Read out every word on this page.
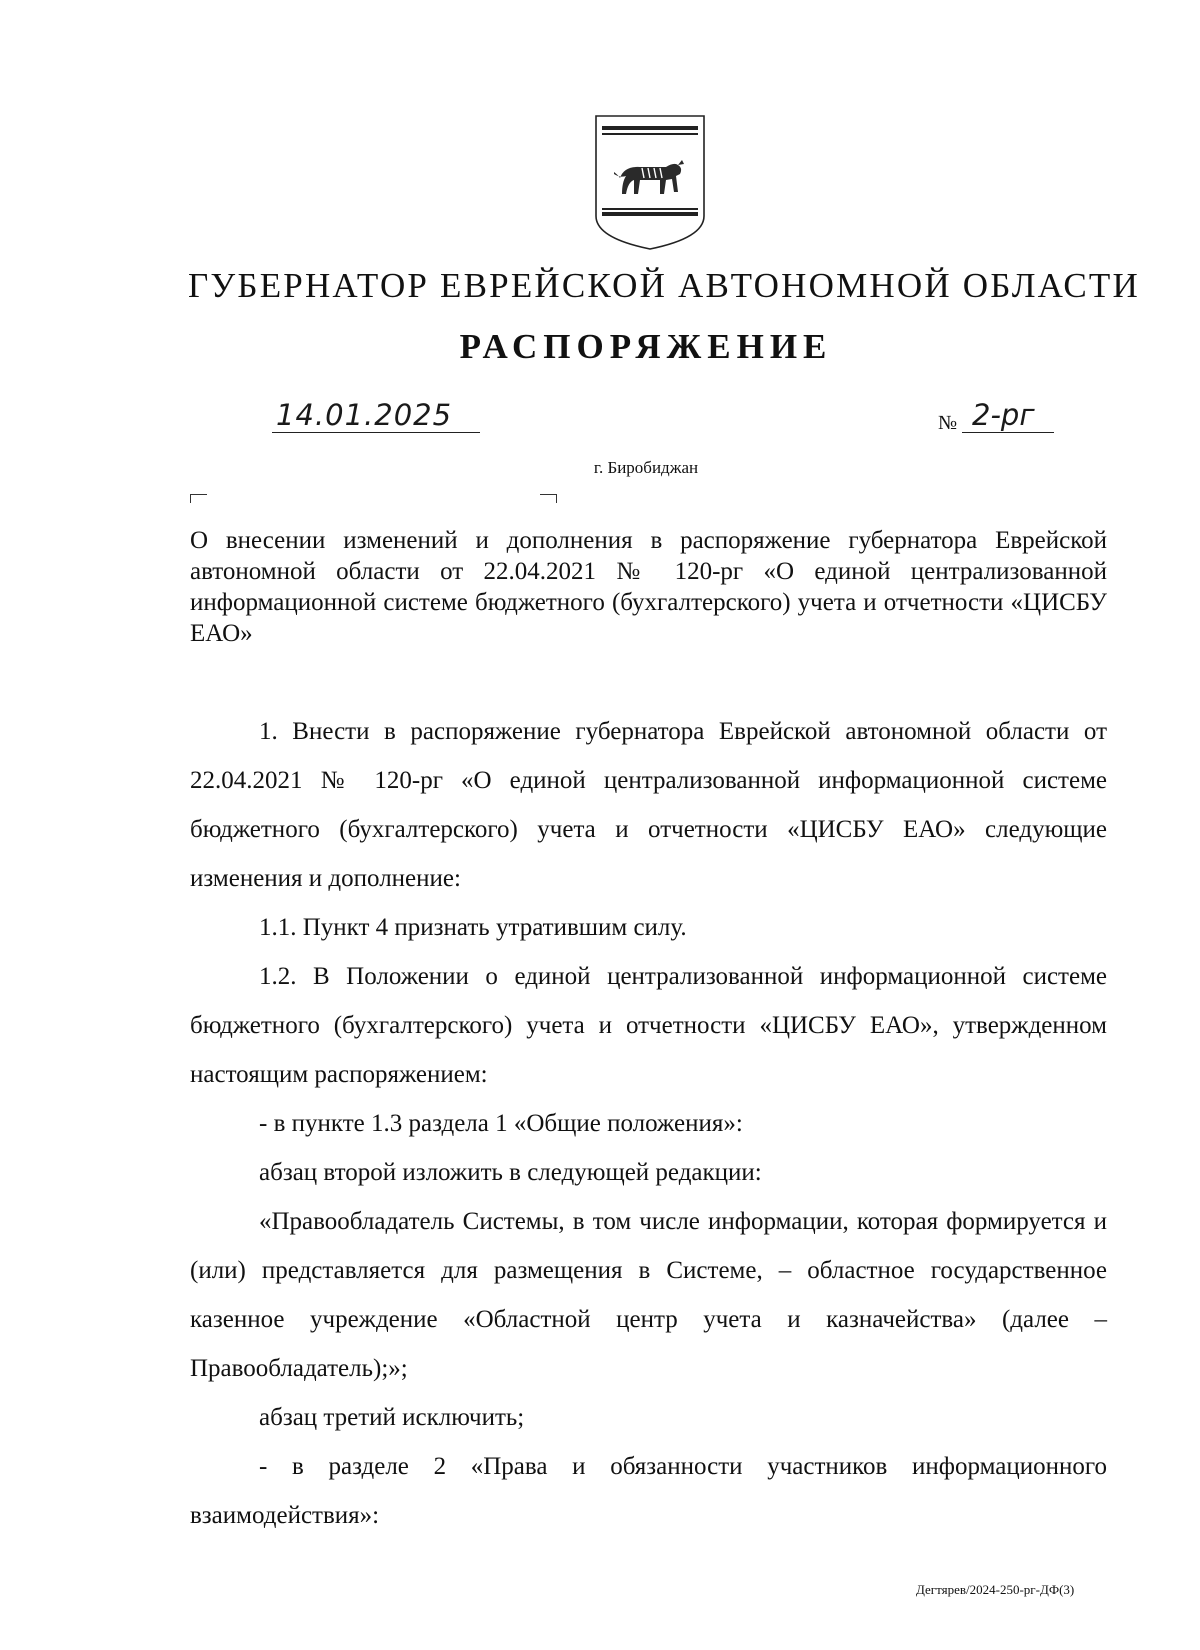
ГУБЕРНАТОР ЕВРЕЙСКОЙ АВТОНОМНОЙ ОБЛАСТИ
РАСПОРЯЖЕНИЕ
14.01.2025	№ 2-рг
г. Биробиджан
О внесении изменений и дополнения в распоряжение губернатора Еврейской автономной области от 22.04.2021 № 120-рг «О единой централизованной информационной системе бюджетного (бухгалтерского) учета и отчетности «ЦИСБУ ЕАО»

1. Внести в распоряжение губернатора Еврейской автономной области от 22.04.2021 № 120-рг «О единой централизованной информационной системе бюджетного (бухгалтерского) учета и отчетности «ЦИСБУ ЕАО» следующие изменения и дополнение:

1.1. Пункт 4 признать утратившим силу.

1.2. В Положении о единой централизованной информационной системе бюджетного (бухгалтерского) учета и отчетности «ЦИСБУ ЕАО», утвержденном настоящим распоряжением:

- в пункте 1.3 раздела 1 «Общие положения»:

абзац второй изложить в следующей редакции:

«Правообладатель Системы, в том числе информации, которая формируется и (или) представляется для размещения в Системе, – областное государственное казенное учреждение «Областной центр учета и казначейства» (далее – Правообладатель);»;

абзац третий исключить;

- в разделе 2 «Права и обязанности участников информационного взаимодействия»:

Дегтярев/2024-250-рг-ДФ(3)
